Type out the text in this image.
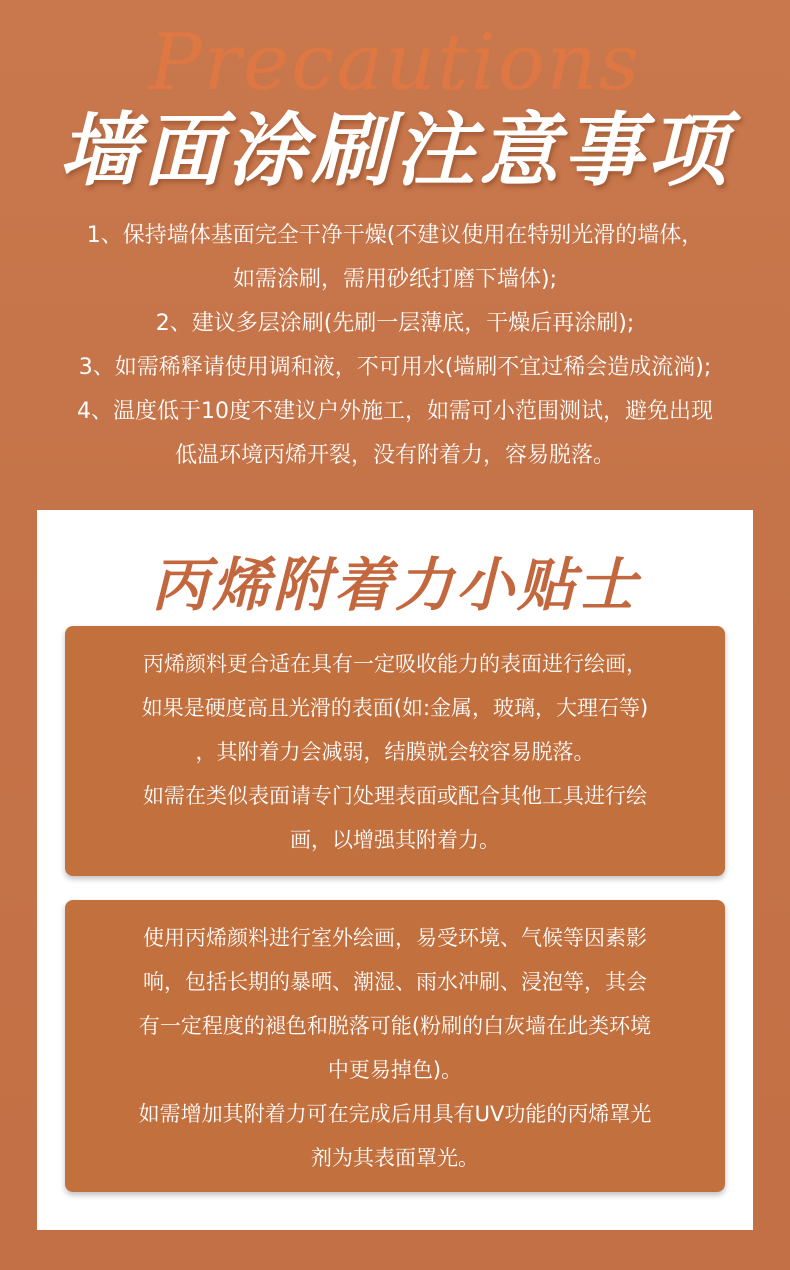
Precautions
墙面涂刷注意事项
1、保持墙体基面完全干净干燥(不建议使用在特别光滑的墙体，
如需涂刷，需用砂纸打磨下墙体);
2、建议多层涂刷(先刷一层薄底，干燥后再涂刷);
3、如需稀释请使用调和液，不可用水(墙刷不宜过稀会造成流淌);
4、温度低于10度不建议户外施工，如需可小范围测试，避免出现
低温环境丙烯开裂，没有附着力，容易脱落。
丙烯附着力小贴士
丙烯颜料更合适在具有一定吸收能力的表面进行绘画，
如果是硬度高且光滑的表面(如:金属，玻璃，大理石等)
，其附着力会减弱，结膜就会较容易脱落。
如需在类似表面请专门处理表面或配合其他工具进行绘
画，以增强其附着力。
使用丙烯颜料进行室外绘画，易受环境、气候等因素影
响，包括长期的暴晒、潮湿、雨水冲刷、浸泡等，其会
有一定程度的褪色和脱落可能(粉刷的白灰墙在此类环境
中更易掉色)。
如需增加其附着力可在完成后用具有UV功能的丙烯罩光
剂为其表面罩光。
